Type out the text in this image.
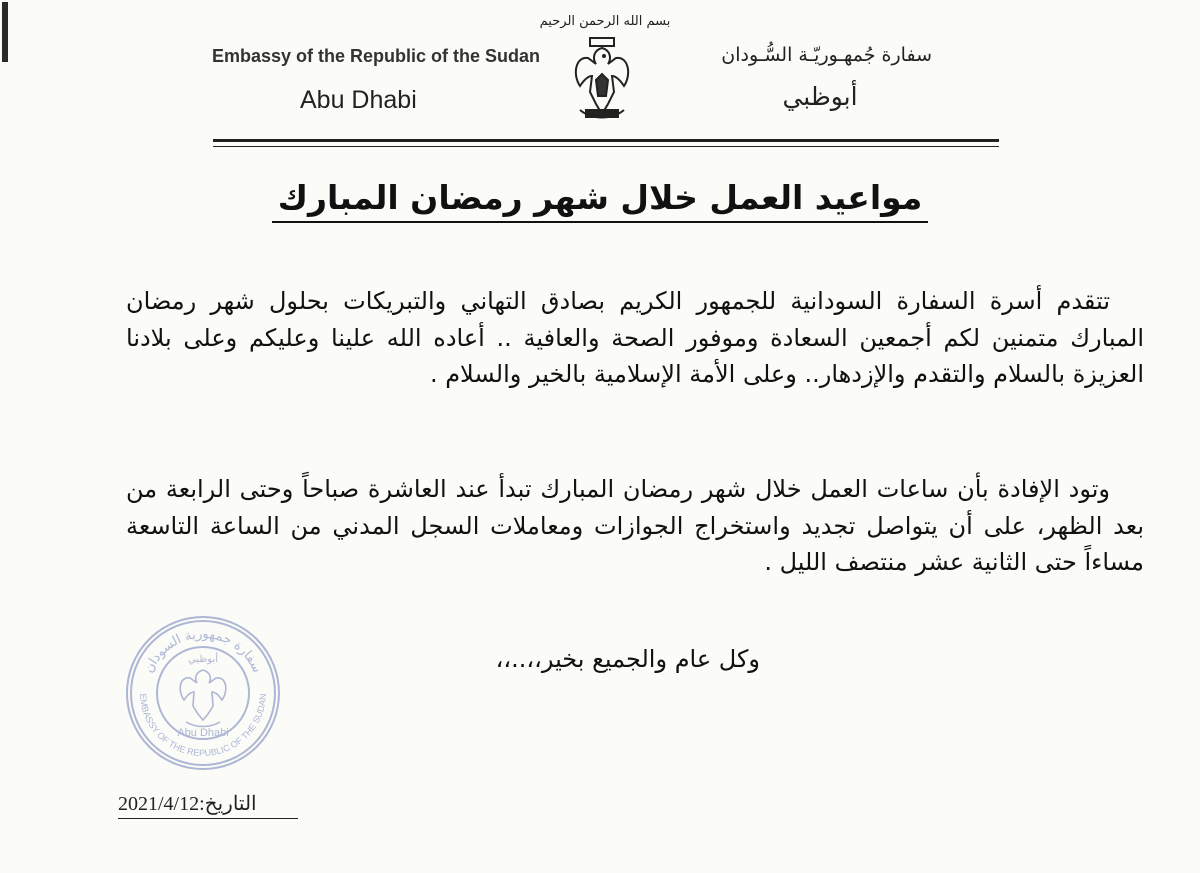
بسم الله الرحمن الرحيم
Embassy of the Republic of the Sudan
Abu Dhabi
سفارة جُمهـوريّـة السُّـودان
أبوظبي
مواعيد العمل خلال شهر رمضان المبارك
تتقدم أسرة السفارة السودانية للجمهور الكريم بصادق التهاني والتبريكات بحلول شهر رمضان المبارك متمنين لكم أجمعين السعادة وموفور الصحة والعافية .. أعاده الله علينا وعليكم وعلى بلادنا العزيزة بالسلام والتقدم والإزدهار.. وعلى الأمة الإسلامية بالخير والسلام .
وتود الإفادة بأن ساعات العمل خلال شهر رمضان المبارك تبدأ عند العاشرة صباحاً وحتى الرابعة من بعد الظهر، على أن يتواصل تجديد واستخراج الجوازات ومعاملات السجل المدني من الساعة التاسعة مساءاً حتى الثانية عشر منتصف الليل .
وكل عام والجميع بخير،،..،،
سفارة جمهورية السودان
EMBASSY OF THE REPUBLIC OF THE SUDAN
أبوظبي
Abu Dhabi
2021/4/12التاريخ:
